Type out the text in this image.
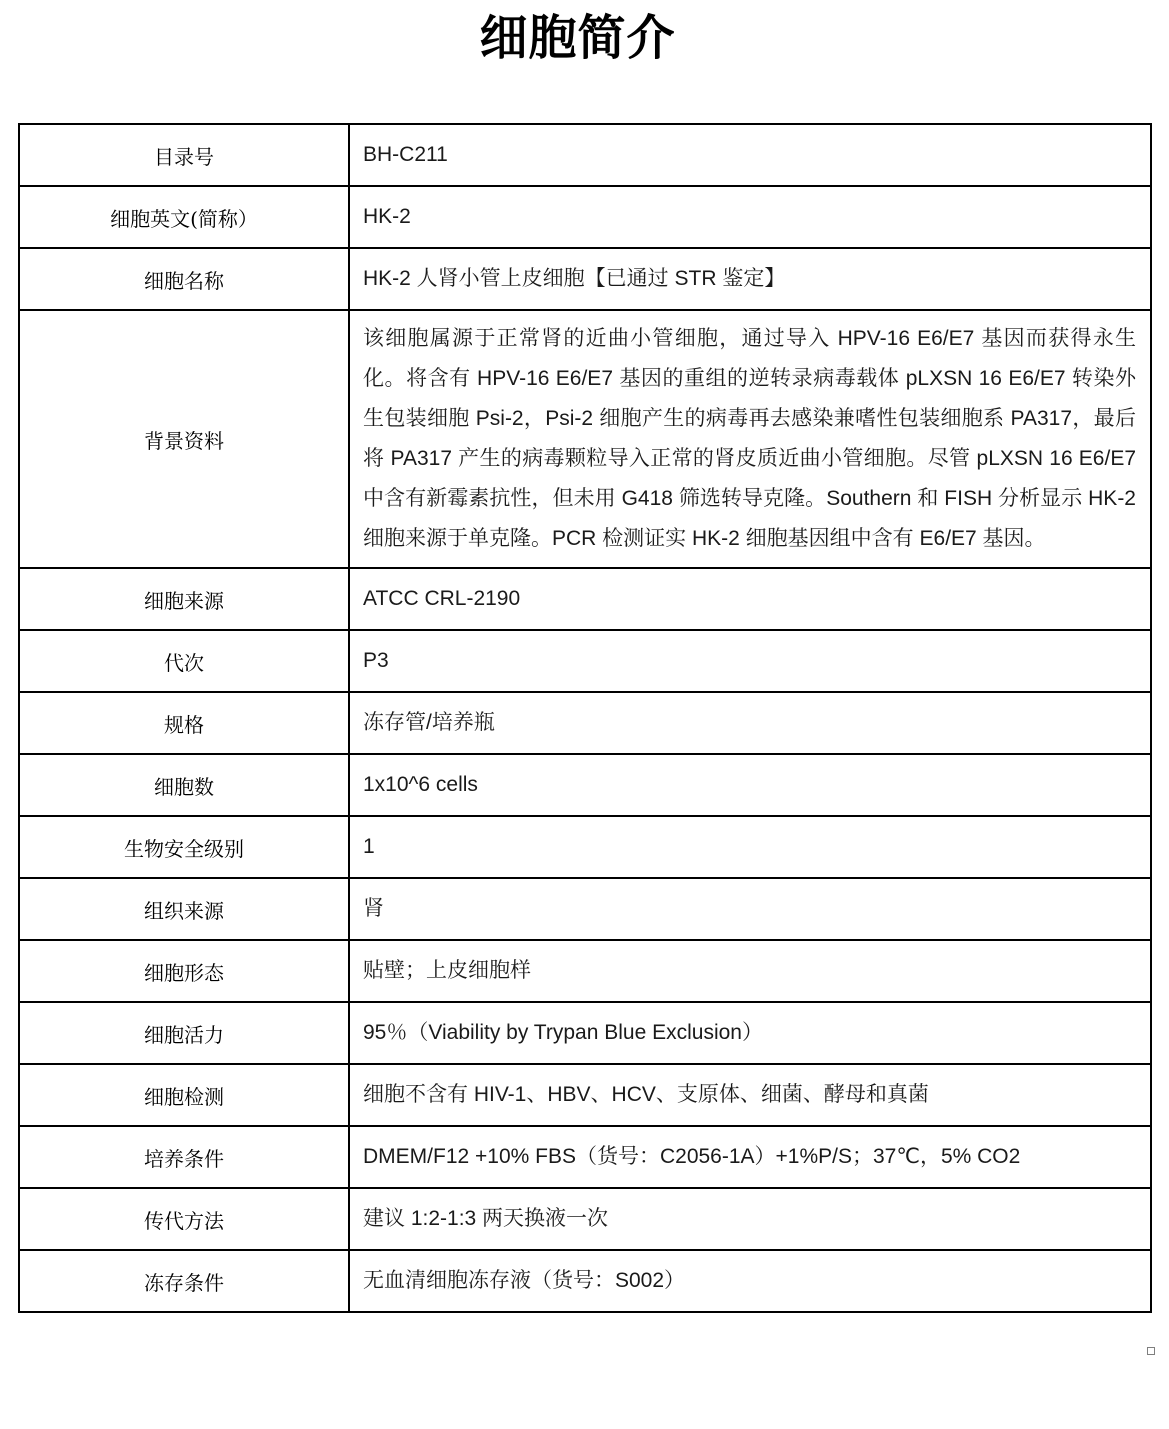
细胞简介
目录号	BH-C211
细胞英文(简称）	HK-2
细胞名称	HK-2 人肾小管上皮细胞【已通过 STR 鉴定】
背景资料	该细胞属源于正常肾的近曲小管细胞，通过导入 HPV-16 E6/E7 基因而获得永生化。将含有 HPV-16 E6/E7 基因的重组的逆转录病毒载体 pLXSN 16 E6/E7 转染外生包装细胞 Psi-2，Psi-2 细胞产生的病毒再去感染兼嗜性包装细胞系 PA317，最后将 PA317 产生的病毒颗粒导入正常的肾皮质近曲小管细胞。尽管 pLXSN 16 E6/E7 中含有新霉素抗性，但未用 G418 筛选转导克隆。Southern 和 FISH 分析显示 HK-2 细胞来源于单克隆。PCR 检测证实 HK-2 细胞基因组中含有 E6/E7 基因。
细胞来源	ATCC CRL-2190
代次	P3
规格	冻存管/培养瓶
细胞数	1x10^6 cells
生物安全级别	1
组织来源	肾
细胞形态	贴壁；上皮细胞样
细胞活力	95％（Viability by Trypan Blue Exclusion）
细胞检测	细胞不含有 HIV-1、HBV、HCV、支原体、细菌、酵母和真菌
培养条件	DMEM/F12 +10% FBS（货号：C2056-1A）+1%P/S；37℃，5% CO2
传代方法	建议 1:2-1:3 两天换液一次
冻存条件	无血清细胞冻存液（货号：S002）
